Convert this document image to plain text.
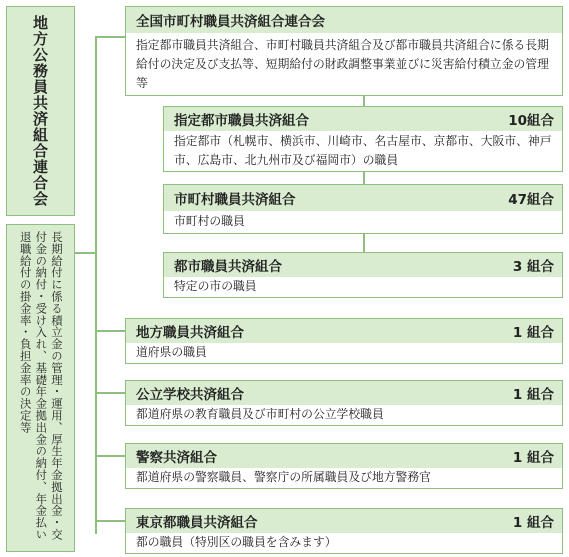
地方公務員共済組合連合会
長期給付に係る積立金の管理・運用、厚生年金拠出金・交付金の納付・受け入れ、基礎年金拠出金の納付、年金払い退職給付の掛金率・負担金率の決定等
全国市町村職員共済組合連合会
指定都市職員共済組合、市町村職員共済組合及び都市職員共済組合に係る長期給付の決定及び支払等、短期給付の財政調整事業並びに災害給付積立金の管理等
指定都市職員共済組合	10組合
指定都市（札幌市、横浜市、川崎市、名古屋市、京都市、大阪市、神戸市、広島市、北九州市及び福岡市）の職員
市町村職員共済組合	47組合
市町村の職員
都市職員共済組合	3 組合
特定の市の職員
地方職員共済組合	1 組合
道府県の職員
公立学校共済組合	1 組合
都道府県の教育職員及び市町村の公立学校職員
警察共済組合	1 組合
都道府県の警察職員、警察庁の所属職員及び地方警務官
東京都職員共済組合	1 組合
都の職員（特別区の職員を含みます）
